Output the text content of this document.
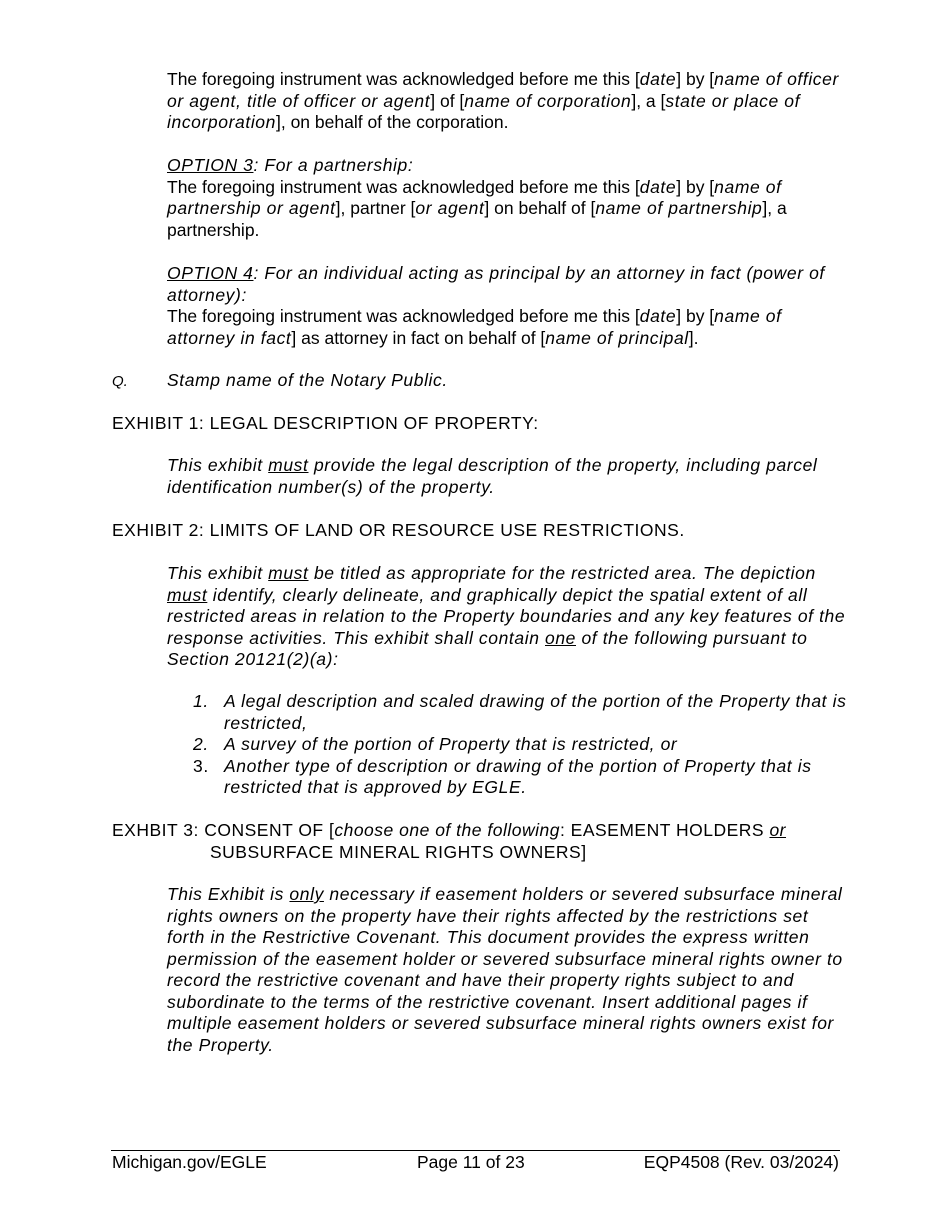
The foregoing instrument was acknowledged before me this [date] by [name of officer or agent, title of officer or agent] of [name of corporation], a [state or place of incorporation], on behalf of the corporation.
OPTION 3: For a partnership:
The foregoing instrument was acknowledged before me this [date] by [name of partnership or agent], partner [or agent] on behalf of [name of partnership], a partnership.
OPTION 4: For an individual acting as principal by an attorney in fact (power of attorney):
The foregoing instrument was acknowledged before me this [date] by [name of attorney in fact] as attorney in fact on behalf of [name of principal].
Q. Stamp name of the Notary Public.
EXHIBIT 1: LEGAL DESCRIPTION OF PROPERTY:
This exhibit must provide the legal description of the property, including parcel identification number(s) of the property.
EXHIBIT 2: LIMITS OF LAND OR RESOURCE USE RESTRICTIONS.
This exhibit must be titled as appropriate for the restricted area. The depiction must identify, clearly delineate, and graphically depict the spatial extent of all restricted areas in relation to the Property boundaries and any key features of the response activities. This exhibit shall contain one of the following pursuant to Section 20121(2)(a):
1. A legal description and scaled drawing of the portion of the Property that is restricted,
2. A survey of the portion of Property that is restricted, or
3. Another type of description or drawing of the portion of Property that is restricted that is approved by EGLE.
EXHBIT 3: CONSENT OF [choose one of the following: EASEMENT HOLDERS or
SUBSURFACE MINERAL RIGHTS OWNERS]
This Exhibit is only necessary if easement holders or severed subsurface mineral rights owners on the property have their rights affected by the restrictions set forth in the Restrictive Covenant. This document provides the express written permission of the easement holder or severed subsurface mineral rights owner to record the restrictive covenant and have their property rights subject to and subordinate to the terms of the restrictive covenant. Insert additional pages if multiple easement holders or severed subsurface mineral rights owners exist for the Property.
Michigan.gov/EGLE	Page 11 of 23	EQP4508 (Rev. 03/2024)
